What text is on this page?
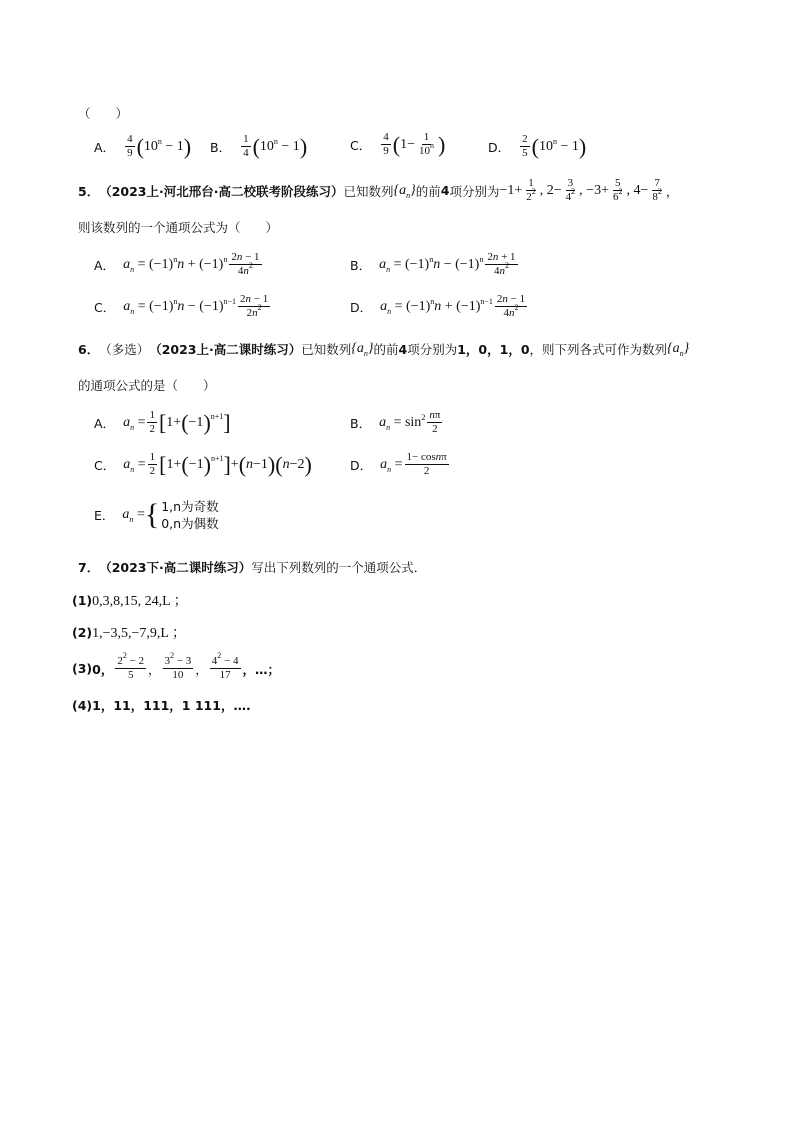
（　　）
A． $\frac{4}{9}$ ( $10^n - 1$ ) B． $\frac{1}{4}$ ( $10^n - 1$ )	C． $\frac{4}{9}$ ( $1- \frac{1}{10^n}$ )	D． $\frac{2}{5}$ ( $10^n - 1$ )
5． （2023上·河北邢台·高二校联考阶段练习） 已知数列 $\{a_n\}$ 的前 4 项分别为 $-1+ \frac{1}{2^2}$ , $2- \frac{3}{4^2}$ , $-3+ \frac{5}{6^2}$ , $4- \frac{7}{8^2}$ ，
则该数列的一个通项公式为（　　）
A． $a_n = (-1)^nn + (-1)^n \frac{2n - 1}{4n^2}$	B． $a_n = (-1)^nn - (-1)^n \frac{2n + 1}{4n^2}$
C． $a_n = (-1)^nn - (-1)^{n-1} \frac{2n - 1}{2n^2}$	D． $a_n = (-1)^nn + (-1)^{n-1} \frac{2n - 1}{4n^2}$
6． （多选） （2023上·高二课时练习） 已知数列 $\{a_n\}$ 的前 4 项分别为 1，0，1，0 ，则下列各式可作为数列 $\{a_n\}$
的通项公式的是（　　）
A． $a_n = \frac{1}{2}$ [ 1+ ( −1 ) n+1 ]	B． $a_n = \sin^2 \frac{n\pi}{2}$
C． $a_n = \frac{1}{2}$ [ 1+ ( −1 ) n+1 ] + ( n−1 ) ( n−2 )	D． $a_n = \frac{1- \cos n\pi}{2}$
E． $a_n$ = { 1,n为奇数
0,n为偶数
7． （2023下·高二课时练习） 写出下列数列的一个通项公式．
(1) 0,3,8,15, 24,L ；
(2) 1,−3,5,−7,9,L ；
(3) 0， $\frac{2^2 - 2}{5}$ ， $\frac{3^2 - 3}{10}$ ， $\frac{4^2 - 4}{17}$ ，…；
(4) 1，11，111，1 111，….
